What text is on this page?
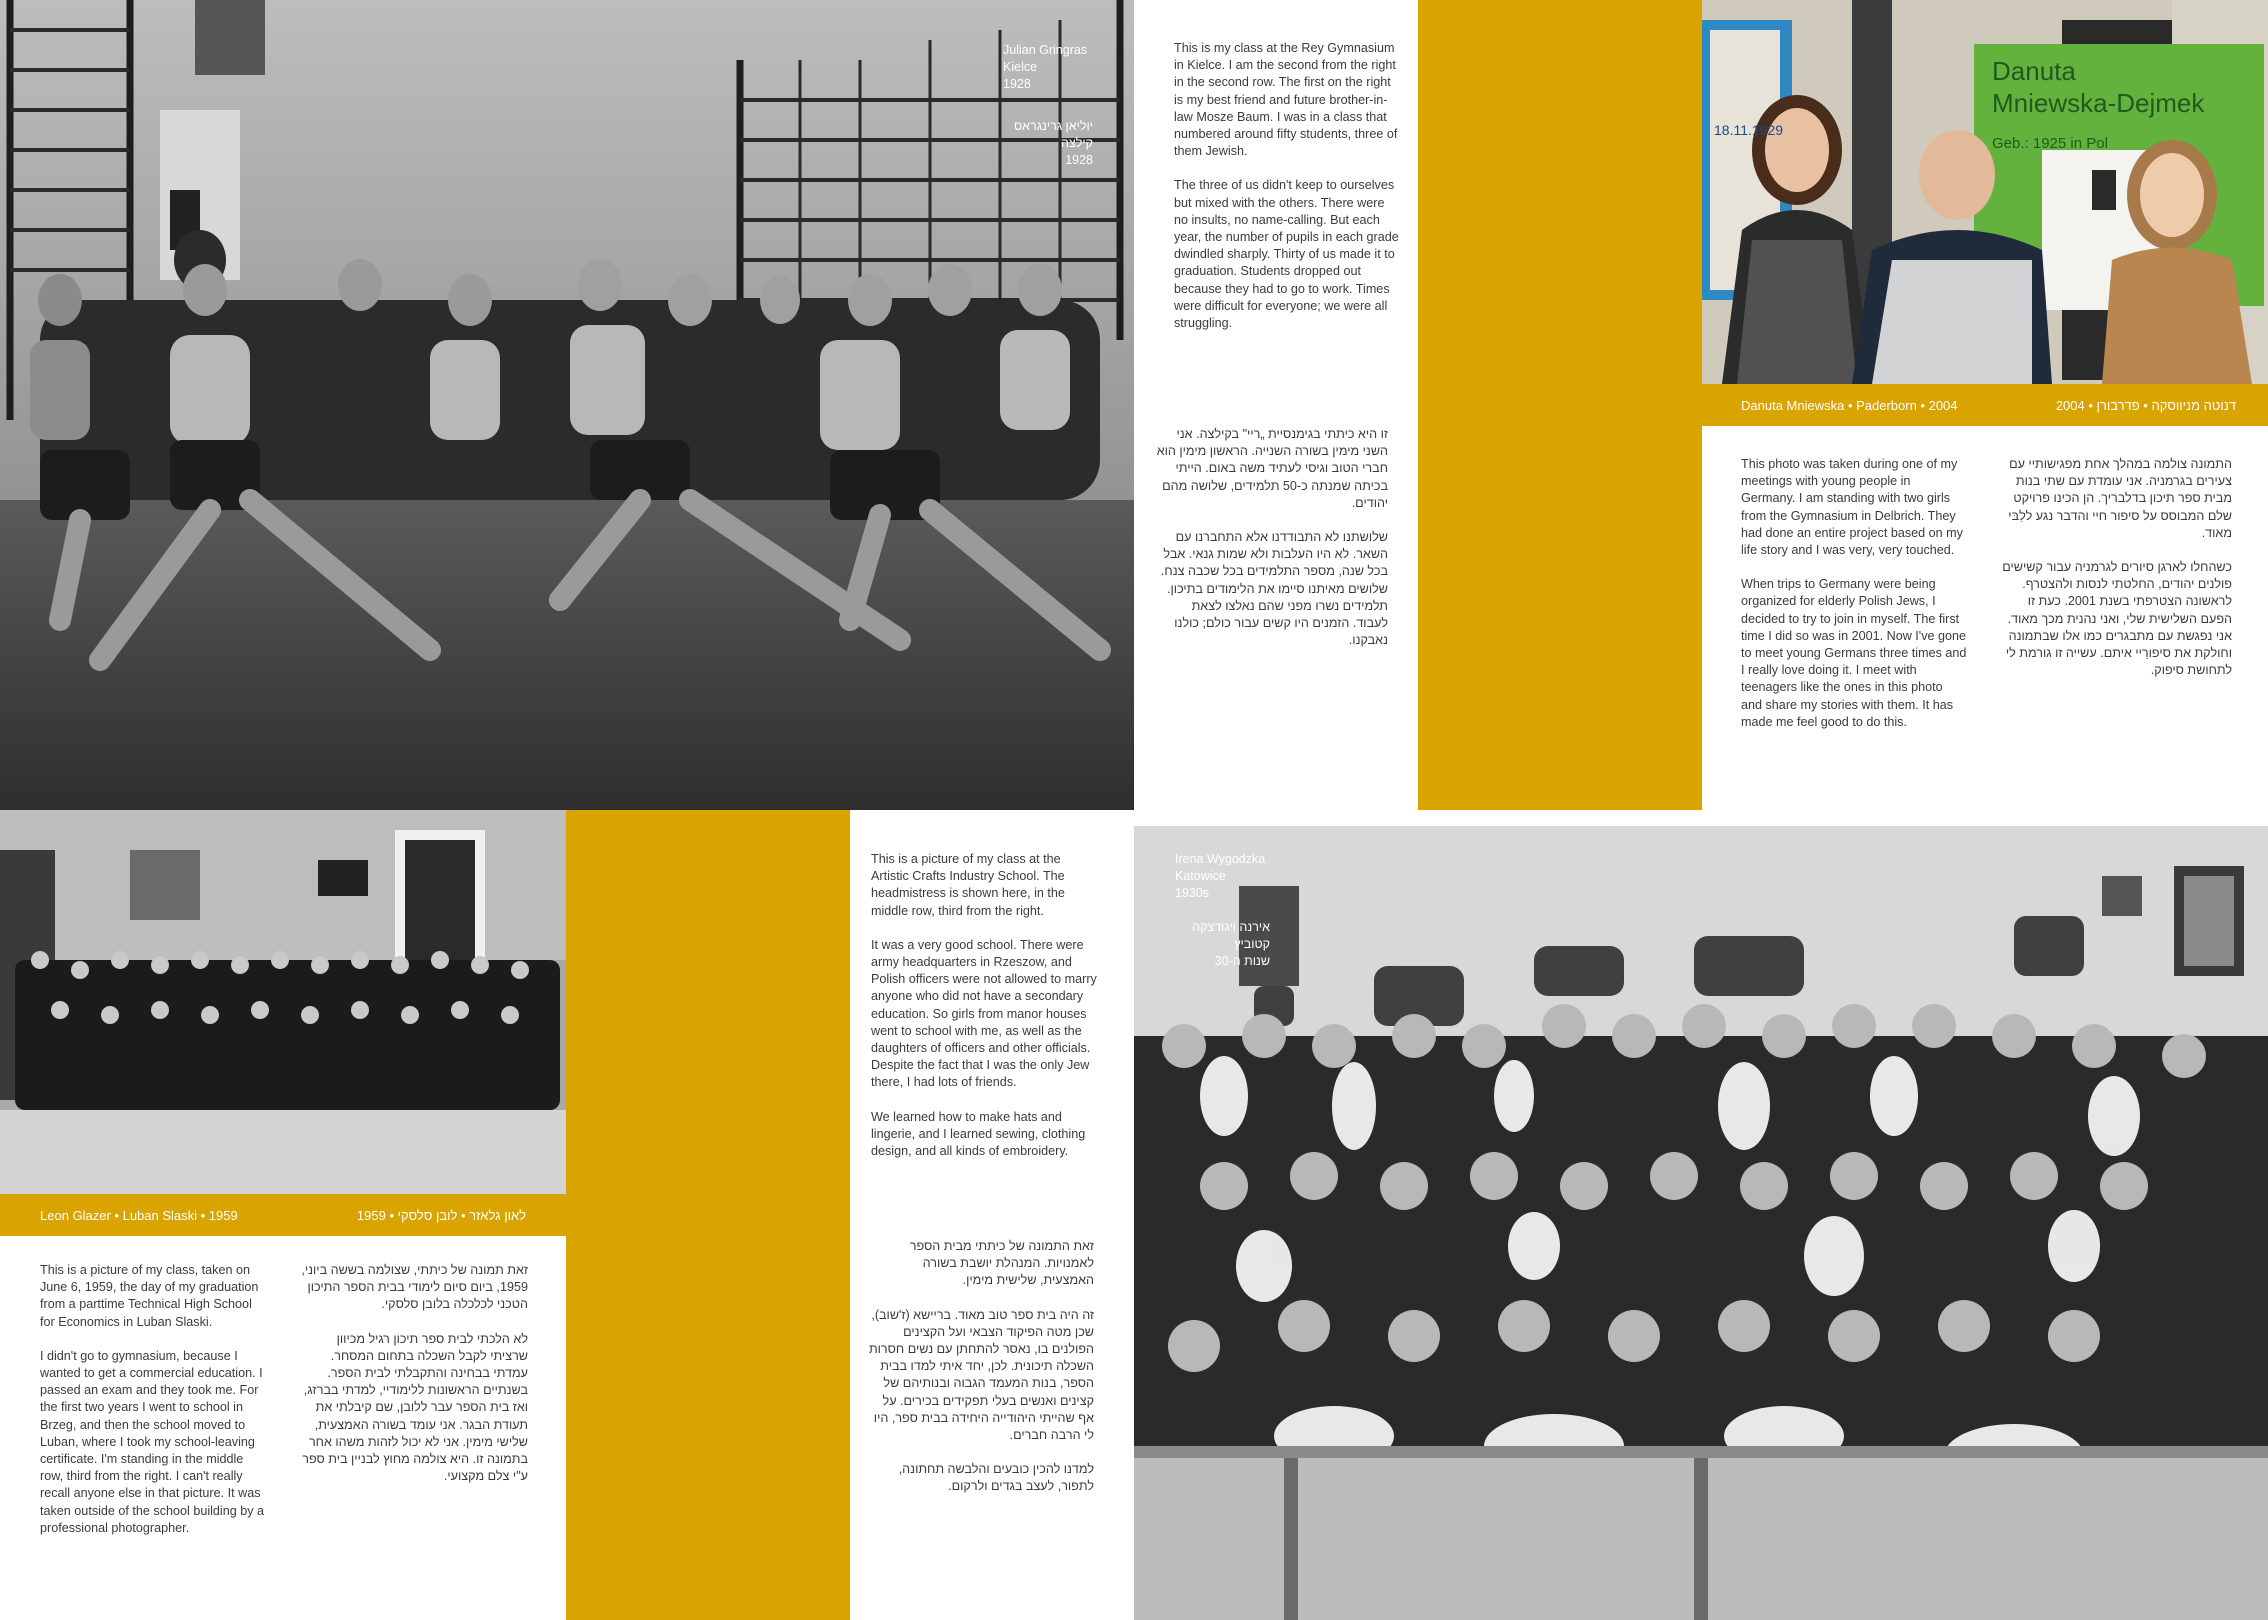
Julian Gringras
Kielce
1928

יוליאן גרינגראס
קילצה
1928

This is my class at the Rey Gymnasium in Kielce. I am the second from the right in the second row. The first on the right is my best friend and future brother-in-law Mosze Baum. I was in a class that numbered around fifty students, three of them Jewish.

The three of us didn't keep to ourselves but mixed with the others. There were no insults, no name-calling. But each year, the number of pupils in each grade dwindled sharply. Thirty of us made it to graduation. Students dropped out because they had to go to work. Times were difficult for everyone; we were all struggling.

זו היא כיתתי בגימנסיית „ריי" בקילצה. אני השני מימין בשורה השנייה. הראשון מימין הוא חברי הטוב וגיסי לעתיד משה באום. הייתי בכיתה שמנתה כ-50 תלמידים, שלושה מהם יהודים.

שלושתנו לא התבודדנו אלא התחברנו עם השאר. לא היו העלבות ולא שמות גנאי. אבל בכל שנה, מספר התלמידים בכל שכבה צנח. שלושים מאיתנו סיימו את הלימודים בתיכון. תלמידים נשרו מפני שהם נאלצו לצאת לעבוד. הזמנים היו קשים עבור כולם; כולנו נאבקנו.

Danuta Mniewska-Dejmek
Geb.: 1925 in Pol
18.11.1929
Danuta Mniewska • Paderborn • 2004	דנוטה מניווסקה • פדרבורן • 2004

This photo was taken during one of my meetings with young people in Germany. I am standing with two girls from the Gymnasium in Delbrich. They had done an entire project based on my life story and I was very, very touched.

When trips to Germany were being organized for elderly Polish Jews, I decided to try to join in myself. The first time I did so was in 2001. Now I've gone to meet young Germans three times and I really love doing it. I meet with teenagers like the ones in this photo and share my stories with them. It has made me feel good to do this.

התמונה צולמה במהלך אחת מפגישותיי עם צעירים בגרמניה. אני עומדת עם שתי בנות מבית ספר תיכון בדלבריך. הן הכינו פרויקט שלם המבוסס על סיפור חיי והדבר נגע ללִבּי מאוד.

כשהחלו לארגן סיורים לגרמניה עבור קשישים פולנים יהודים, החלטתי לנסות ולהצטרף. לראשונה הצטרפתי בשנת 2001. כעת זו הפעם השלישית שלי, ואני נהנית מכך מאוד. אני נפגשת עם מתבגרים כמו אלו שבתמונה וחולקת את סיפורַיי איתם. עשייה זו גורמת לי לתחושת סיפוק.

Leon Glazer • Luban Slaski • 1959	לאון גלאזר • לובן סלסקי • 1959

This is a picture of my class, taken on June 6, 1959, the day of my graduation from a parttime Technical High School for Economics in Luban Slaski.

I didn't go to gymnasium, because I wanted to get a commercial education. I passed an exam and they took me. For the first two years I went to school in Brzeg, and then the school moved to Luban, where I took my school-leaving certificate. I'm standing in the middle row, third from the right. I can't really recall anyone else in that picture. It was taken outside of the school building by a professional photographer.

זאת תמונה של כיתתי, שצולמה בששה ביוני, 1959, ביום סיום לימודי בבית הספר התיכון הטכני לכלכלה בלובן סלסקי.

לא הלכתי לבית ספר תיכון רגיל מכיוון שרציתי לקבל השכלה בתחום המסחר. עמדתי בבחינה והתקבלתי לבית הספר. בשנתיים הראשונות ללימודיי, למדתי בברזג, ואז בית הספר עבר ללובן, שם קיבלתי את תעודת הבגר. אני עומד בשורה האמצעית, שלישי מימין. אני לא יכול לזהות משהו אחר בתמונה זו. היא צולמה מחוץ לבניין בית ספר ע"י צלם מקצועי.

This is a picture of my class at the Artistic Crafts Industry School. The headmistress is shown here, in the middle row, third from the right.

It was a very good school. There were army headquarters in Rzeszow, and Polish officers were not allowed to marry anyone who did not have a secondary education. So girls from manor houses went to school with me, as well as the daughters of officers and other officials. Despite the fact that I was the only Jew there, I had lots of friends.

We learned how to make hats and lingerie, and I learned sewing, clothing design, and all kinds of embroidery.

זאת התמונה של כיתתי מבית הספר לאמנויות. המנהלת יושבת בשורה האמצעית, שלישית מימין.

זה היה בית ספר טוב מאוד. בריישא (ז'שוב), שכן מטה הפיקוד הצבאי ועל הקצינים הפולנים בו, נאסר להתחתן עם נשים חסרות השכלה תיכונית. לכן, יחד איתי למדו בבית הספר, בנות המעמד הגבוה ובנותיהם של קצינים ואנשים בעלי תפקידים בכירים. על אף שהייתי היהודייה היחידה בבית ספר, היו לי הרבה חברים.

למדנו להכין כובעים והלבשה תחתונה, לתפור, לעצב בגדים ולרקום.

Irena Wygodzka
Katowice
1930s

אירנה ויגודצקה
קטוביץ
שנות ה-30
